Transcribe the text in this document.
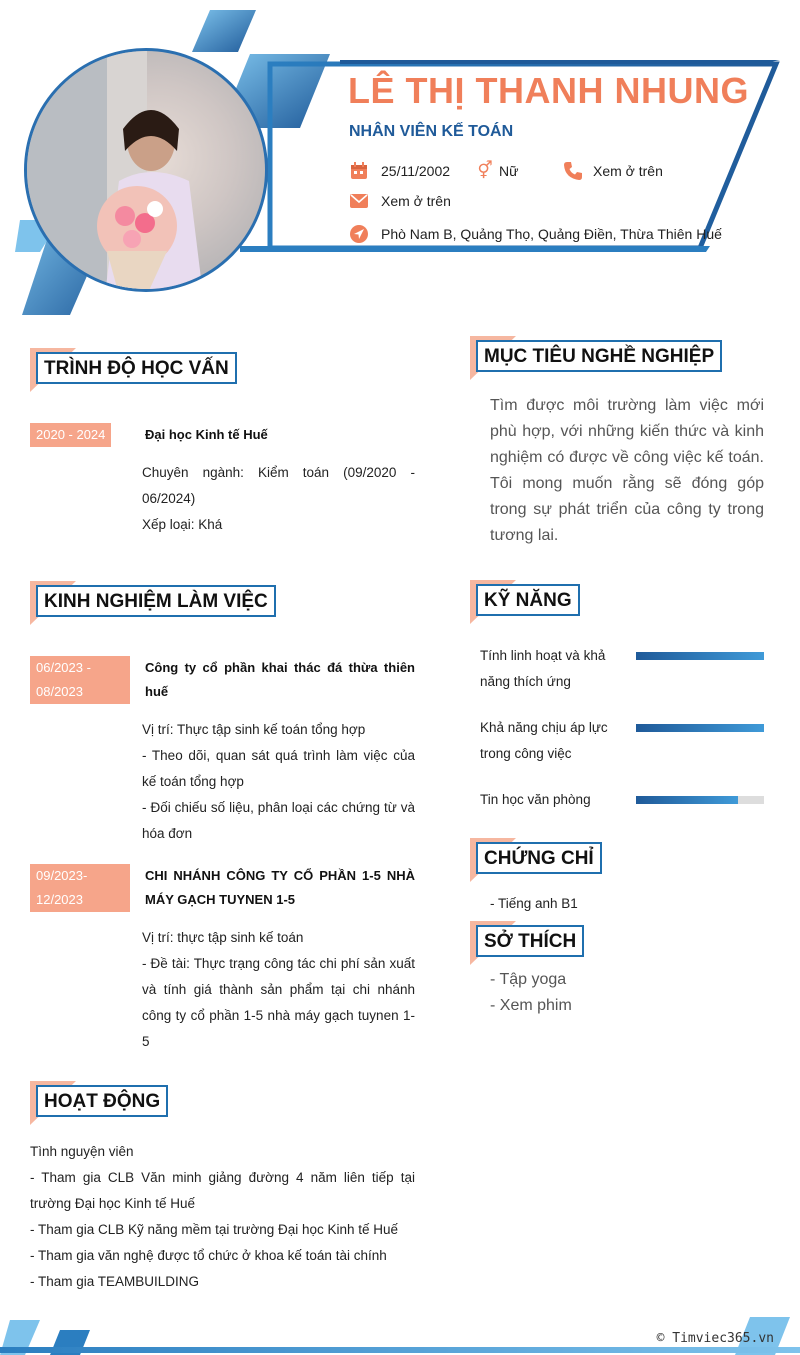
LÊ THỊ THANH NHUNG
NHÂN VIÊN KẾ TOÁN
25/11/2002 ⚥ Nữ	Xem ở trên
Xem ở trên
Phò Nam B, Quảng Thọ, Quảng Điền, Thừa Thiên Huế
TRÌNH ĐỘ HỌC VẤN
2020 - 2024	Đại học Kinh tế Huế

Chuyên ngành: Kiểm toán (09/2020 - 06/2024)

Xếp loại: Khá

KINH NGHIỆM LÀM VIỆC
06/2023 - 08/2023
Công ty cổ phần khai thác đá thừa thiên huế

Vị trí: Thực tập sinh kế toán tổng hợp

- Theo dõi, quan sát quá trình làm việc của kế toán tổng hợp

- Đối chiếu số liệu, phân loại các chứng từ và hóa đơn

09/2023- 12/2023
CHI NHÁNH CÔNG TY CỔ PHẦN 1-5 NHÀ MÁY GẠCH TUYNEN 1-5

Vị trí: thực tập sinh kế toán

- Đề tài: Thực trạng công tác chi phí sản xuất và tính giá thành sản phẩm tại chi nhánh công ty cổ phần 1-5 nhà máy gạch tuynen 1-5

HOẠT ĐỘNG

Tình nguyện viên

- Tham gia CLB Văn minh giảng đường 4 năm liên tiếp tại trường Đại học Kinh tế Huế

- Tham gia CLB Kỹ năng mềm tại trường Đại học Kinh tế Huế

- Tham gia văn nghệ được tổ chức ở khoa kế toán tài chính

- Tham gia TEAMBUILDING

MỤC TIÊU NGHỀ NGHIỆP
Tìm được môi trường làm việc mới phù hợp, với những kiến thức và kinh nghiệm có được về công việc kế toán. Tôi mong muốn rằng sẽ đóng góp trong sự phát triển của công ty trong tương lai.
KỸ NĂNG
Tính linh hoạt và khả năng thích ứng
Khả năng chịu áp lực trong công việc
Tin học văn phòng
CHỨNG CHỈ
- Tiếng anh B1
SỞ THÍCH
- Tập yoga
- Xem phim
© Timviec365.vn
